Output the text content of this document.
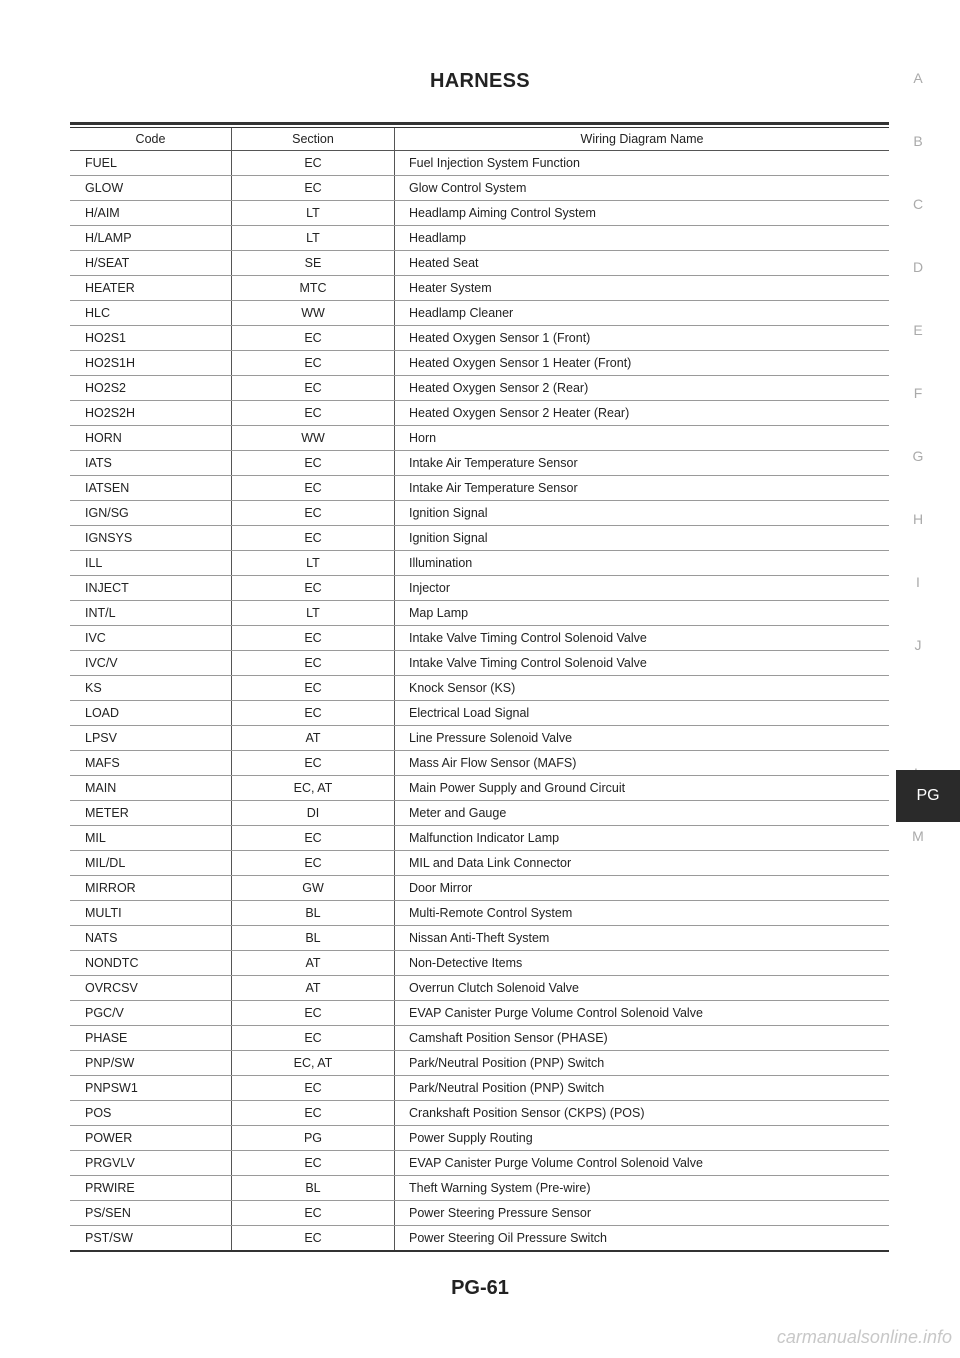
HARNESS
Code	Section	Wiring Diagram Name
FUEL	EC	Fuel Injection System Function
GLOW	EC	Glow Control System
H/AIM	LT	Headlamp Aiming Control System
H/LAMP	LT	Headlamp
H/SEAT	SE	Heated Seat
HEATER	MTC	Heater System
HLC	WW	Headlamp Cleaner
HO2S1	EC	Heated Oxygen Sensor 1 (Front)
HO2S1H	EC	Heated Oxygen Sensor 1 Heater (Front)
HO2S2	EC	Heated Oxygen Sensor 2 (Rear)
HO2S2H	EC	Heated Oxygen Sensor 2 Heater (Rear)
HORN	WW	Horn
IATS	EC	Intake Air Temperature Sensor
IATSEN	EC	Intake Air Temperature Sensor
IGN/SG	EC	Ignition Signal
IGNSYS	EC	Ignition Signal
ILL	LT	Illumination
INJECT	EC	Injector
INT/L	LT	Map Lamp
IVC	EC	Intake Valve Timing Control Solenoid Valve
IVC/V	EC	Intake Valve Timing Control Solenoid Valve
KS	EC	Knock Sensor (KS)
LOAD	EC	Electrical Load Signal
LPSV	AT	Line Pressure Solenoid Valve
MAFS	EC	Mass Air Flow Sensor (MAFS)
MAIN	EC, AT	Main Power Supply and Ground Circuit
METER	DI	Meter and Gauge
MIL	EC	Malfunction Indicator Lamp
MIL/DL	EC	MIL and Data Link Connector
MIRROR	GW	Door Mirror
MULTI	BL	Multi-Remote Control System
NATS	BL	Nissan Anti-Theft System
NONDTC	AT	Non-Detective Items
OVRCSV	AT	Overrun Clutch Solenoid Valve
PGC/V	EC	EVAP Canister Purge Volume Control Solenoid Valve
PHASE	EC	Camshaft Position Sensor (PHASE)
PNP/SW	EC, AT	Park/Neutral Position (PNP) Switch
PNPSW1	EC	Park/Neutral Position (PNP) Switch
POS	EC	Crankshaft Position Sensor (CKPS) (POS)
POWER	PG	Power Supply Routing
PRGVLV	EC	EVAP Canister Purge Volume Control Solenoid Valve
PRWIRE	BL	Theft Warning System (Pre-wire)
PS/SEN	EC	Power Steering Pressure Sensor
PST/SW	EC	Power Steering Oil Pressure Switch
A
B
C
D
E
F
G
H
I
J
M
PG
PG-61
carmanualsonline.info
